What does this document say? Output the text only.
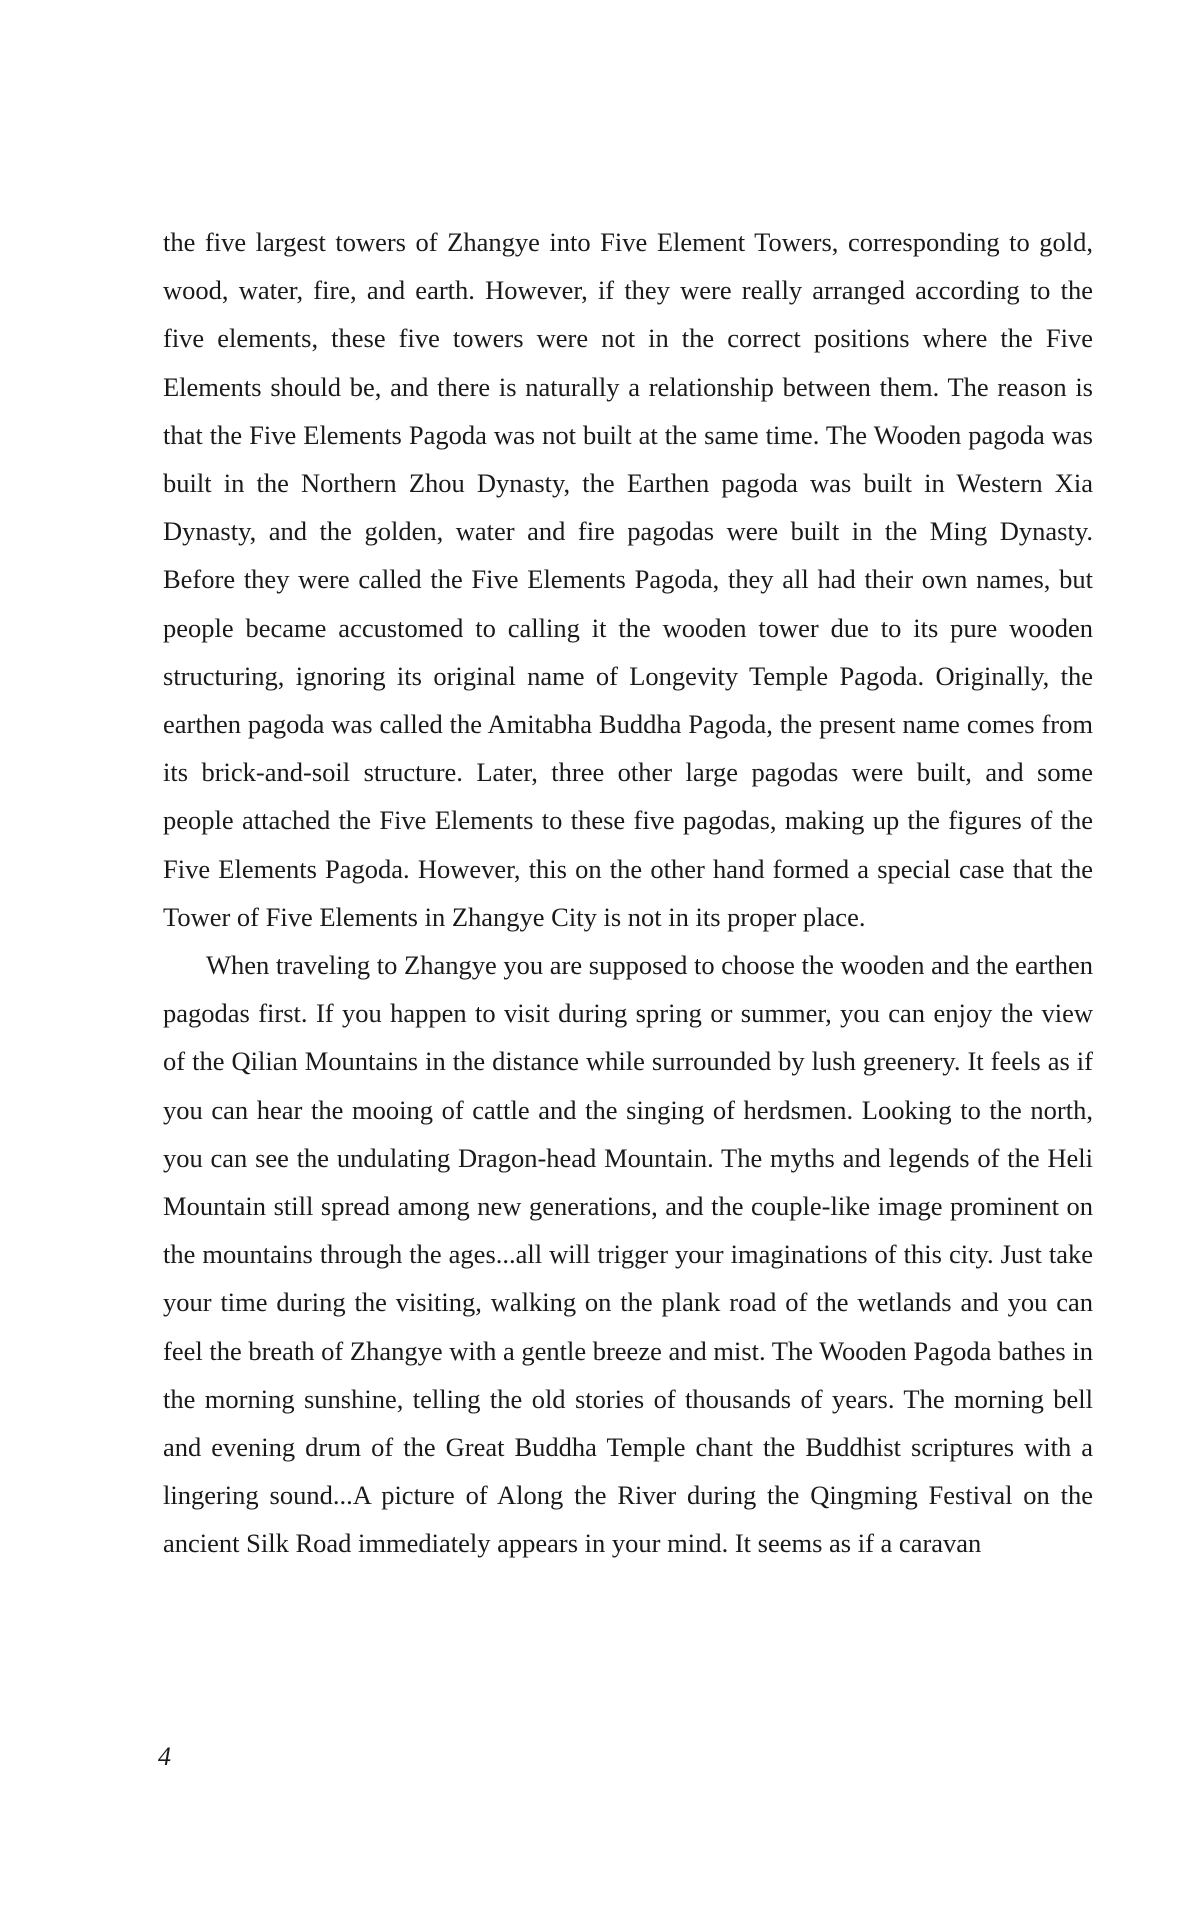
the five largest towers of Zhangye into Five Element Towers, corresponding to gold, wood, water, fire, and earth. However, if they were really arranged according to the five elements, these five towers were not in the correct positions where the Five Elements should be, and there is naturally a relationship between them. The reason is that the Five Elements Pagoda was not built at the same time. The Wooden pagoda was built in the Northern Zhou Dynasty, the Earthen pagoda was built in Western Xia Dynasty, and the golden, water and fire pagodas were built in the Ming Dynasty. Before they were called the Five Elements Pagoda, they all had their own names, but people became accustomed to calling it the wooden tower due to its pure wooden structuring, ignoring its original name of Longevity Temple Pagoda. Originally, the earthen pagoda was called the Amitabha Buddha Pagoda, the present name comes from its brick-and-soil structure. Later, three other large pagodas were built, and some people attached the Five Elements to these five pagodas, making up the figures of the Five Elements Pagoda. However, this on the other hand formed a special case that the Tower of Five Elements in Zhangye City is not in its proper place.

When traveling to Zhangye you are supposed to choose the wooden and the earthen pagodas first. If you happen to visit during spring or summer, you can enjoy the view of the Qilian Mountains in the distance while surrounded by lush greenery. It feels as if you can hear the mooing of cattle and the singing of herdsmen. Looking to the north, you can see the undulating Dragon-head Mountain. The myths and legends of the Heli Mountain still spread among new generations, and the couple-like image prominent on the mountains through the ages...all will trigger your imaginations of this city. Just take your time during the visiting, walking on the plank road of the wetlands and you can feel the breath of Zhangye with a gentle breeze and mist. The Wooden Pagoda bathes in the morning sunshine, telling the old stories of thousands of years. The morning bell and evening drum of the Great Buddha Temple chant the Buddhist scriptures with a lingering sound...A picture of Along the River during the Qingming Festival on the ancient Silk Road immediately appears in your mind. It seems as if a caravan

4
